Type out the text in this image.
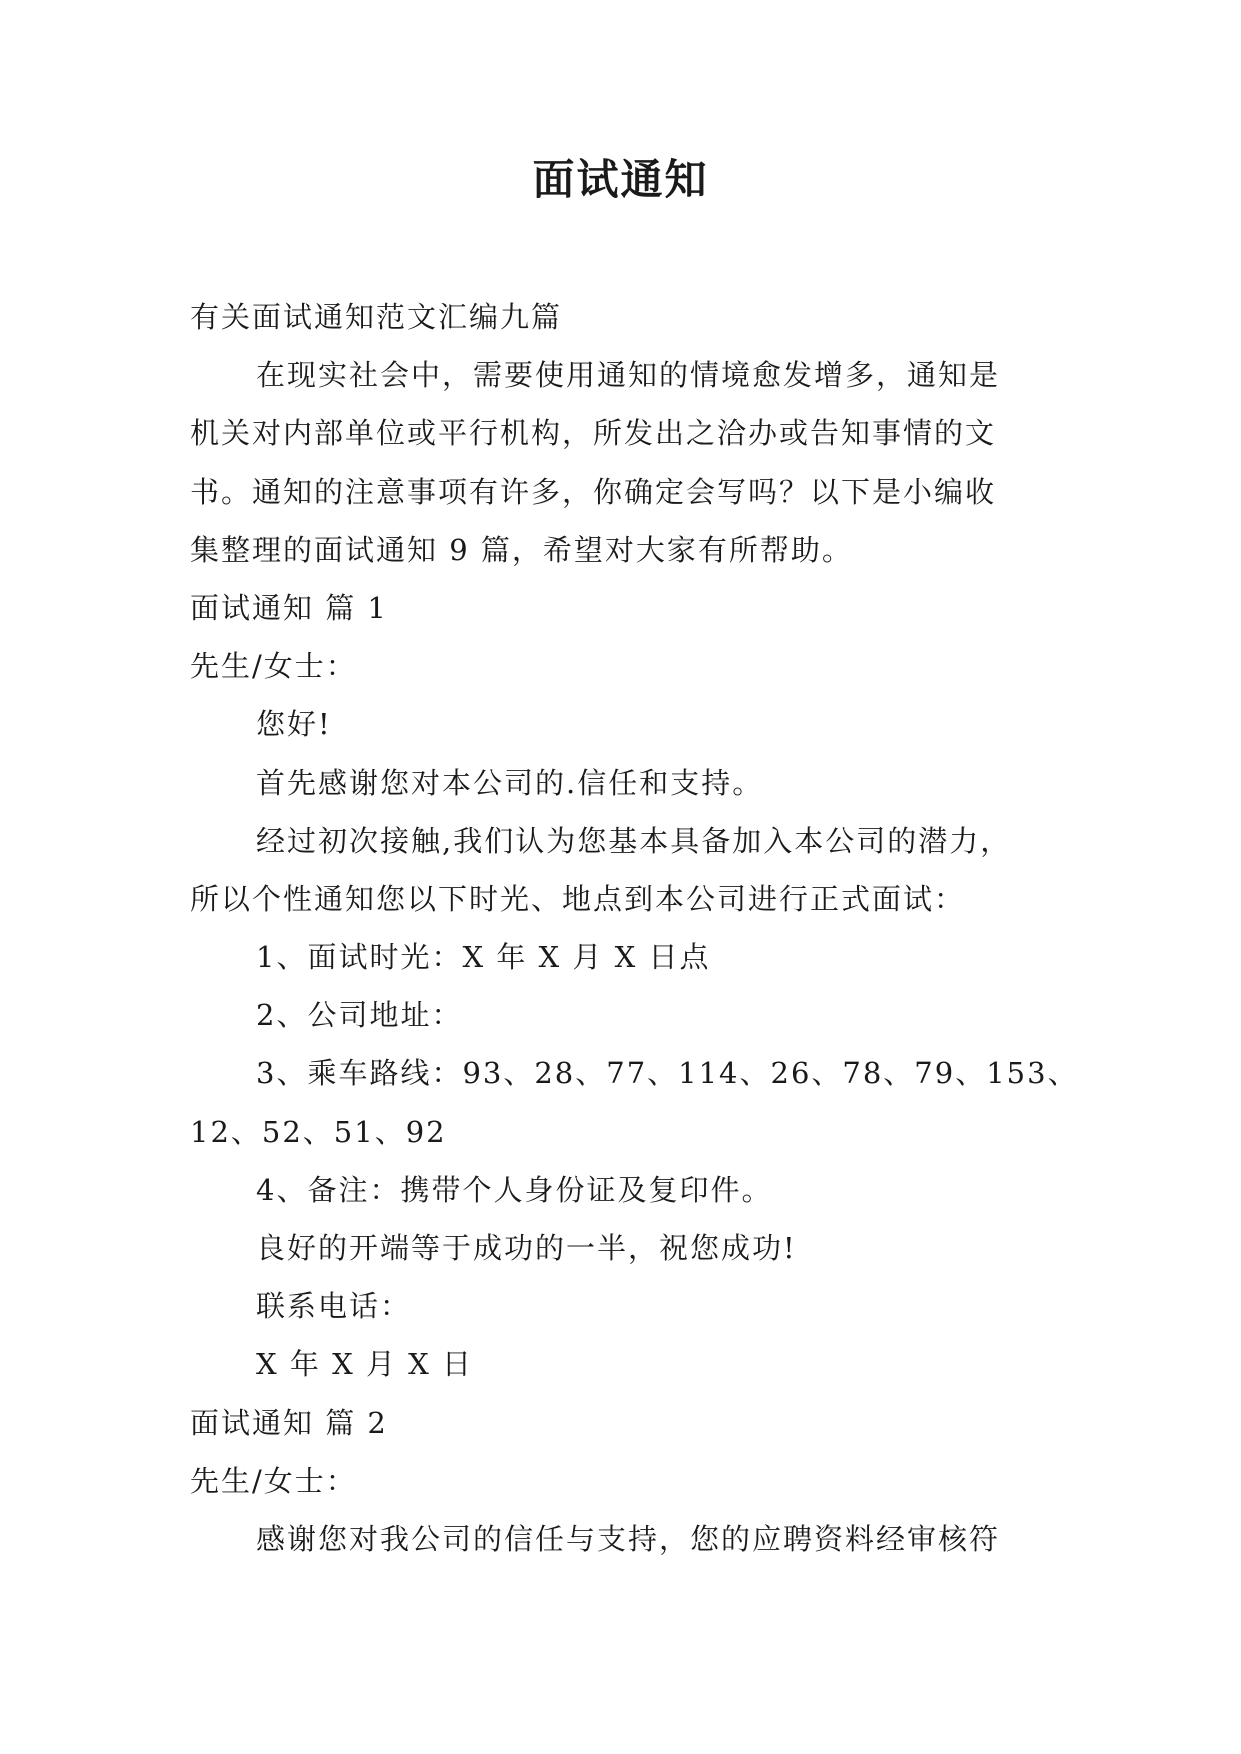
面试通知
有关面试通知范文汇编九篇
在现实社会中，需要使用通知的情境愈发增多，通知是
机关对内部单位或平行机构，所发出之洽办或告知事情的文
书。通知的注意事项有许多，你确定会写吗？以下是小编收
集整理的面试通知 9 篇，希望对大家有所帮助。
面试通知 篇 1
先生/女士：
您好!
首先感谢您对本公司的.信任和支持。
经过初次接触,我们认为您基本具备加入本公司的潜力，
所以个性通知您以下时光、地点到本公司进行正式面试：
1、面试时光：X 年 X 月 X 日点
2、公司地址：
3、乘车路线：93、28、77、114、26、78、79、153、
12、52、51、92
4、备注：携带个人身份证及复印件。
良好的开端等于成功的一半，祝您成功!
联系电话：
X 年 X 月 X 日
面试通知 篇 2
先生/女士：
感谢您对我公司的信任与支持，您的应聘资料经审核符
